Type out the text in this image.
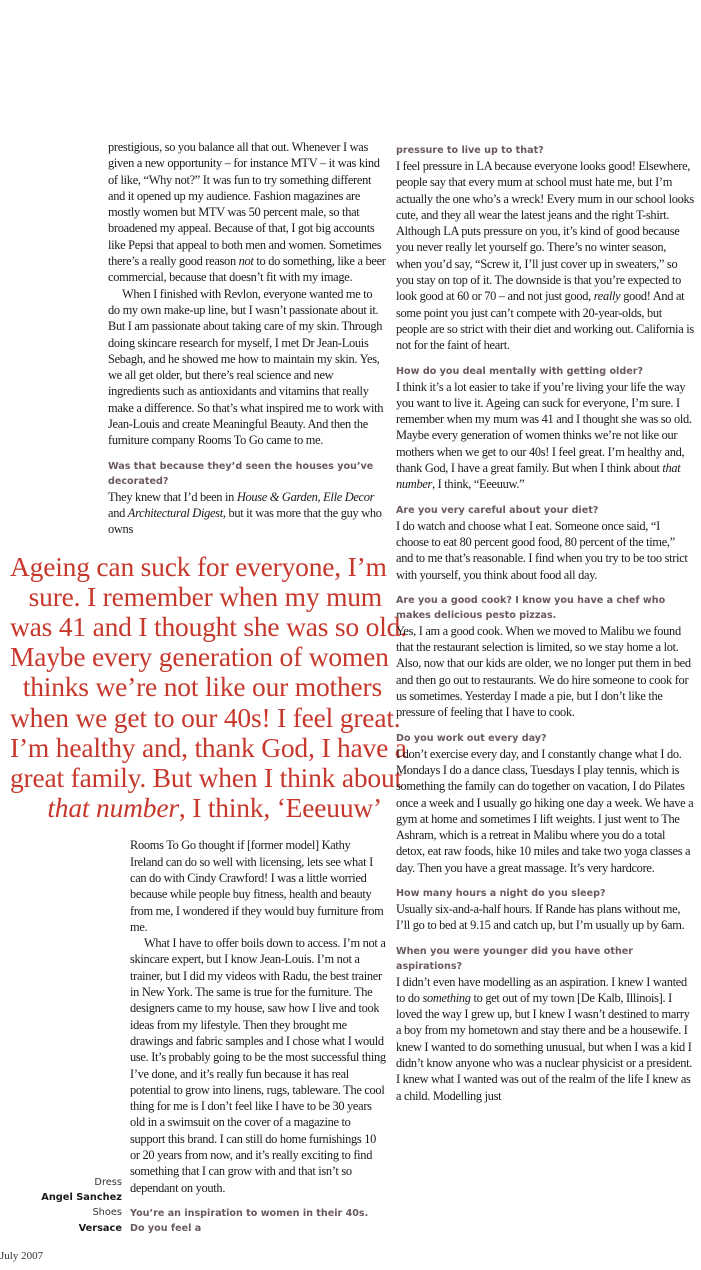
prestigious, so you balance all that out. Whenever I was given a new opportunity – for instance MTV – it was kind of like, “Why not?” It was fun to try something different and it opened up my audience. Fashion magazines are mostly women but MTV was 50 percent male, so that broadened my appeal. Because of that, I got big accounts like Pepsi that appeal to both men and women. Sometimes there’s a really good reason not to do something, like a beer commercial, because that doesn’t fit with my image.

When I finished with Revlon, everyone wanted me to do my own make-up line, but I wasn’t passionate about it. But I am passionate about taking care of my skin. Through doing skincare research for myself, I met Dr Jean-Louis Sebagh, and he showed me how to maintain my skin. Yes, we all get older, but there’s real science and new ingredients such as antioxidants and vitamins that really make a difference. So that’s what inspired me to work with Jean-Louis and create Meaningful Beauty. And then the furniture company Rooms To Go came to me.

Was that because they’d seen the houses you’ve decorated?

They knew that I’d been in House & Garden, Elle Decor and Architectural Digest, but it was more that the guy who owns

Ageing can suck for everyone, I’m
sure. I remember when my mum
was 41 and I thought she was so old.
Maybe every generation of women
thinks we’re not like our mothers
when we get to our 40s! I feel great.
I’m healthy and, thank God, I have a
great family. But when I think about
that number, I think, ‘Eeeuuw’
Dress
Angel Sanchez
Shoes
Versace

Rooms To Go thought if [former model] Kathy Ireland can do so well with licensing, lets see what I can do with Cindy Crawford! I was a little worried because while people buy fitness, health and beauty from me, I wondered if they would buy furniture from me.

What I have to offer boils down to access. I’m not a skincare expert, but I know Jean-Louis. I’m not a trainer, but I did my videos with Radu, the best trainer in New York. The same is true for the furniture. The designers came to my house, saw how I live and took ideas from my lifestyle. Then they brought me drawings and fabric samples and I chose what I would use. It’s probably going to be the most successful thing I’ve done, and it’s really fun because it has real potential to grow into linens, rugs, tableware. The cool thing for me is I don’t feel like I have to be 30 years old in a swimsuit on the cover of a magazine to support this brand. I can still do home furnishings 10 or 20 years from now, and it’s really exciting to find something that I can grow with and that isn’t so dependant on youth.

You’re an inspiration to women in their 40s. Do you feel a

July 2007

pressure to live up to that?

I feel pressure in LA because everyone looks good! Elsewhere, people say that every mum at school must hate me, but I’m actually the one who’s a wreck! Every mum in our school looks cute, and they all wear the latest jeans and the right T-shirt. Although LA puts pressure on you, it’s kind of good because you never really let yourself go. There’s no winter season, when you’d say, “Screw it, I’ll just cover up in sweaters,” so you stay on top of it. The downside is that you’re expected to look good at 60 or 70 – and not just good, really good! And at some point you just can’t compete with 20-year-olds, but people are so strict with their diet and working out. California is not for the faint of heart.

How do you deal mentally with getting older?

I think it’s a lot easier to take if you’re living your life the way you want to live it. Ageing can suck for everyone, I’m sure. I remember when my mum was 41 and I thought she was so old. Maybe every generation of women thinks we’re not like our mothers when we get to our 40s! I feel great. I’m healthy and, thank God, I have a great family. But when I think about that number, I think, “Eeeuuw.”

Are you very careful about your diet?

I do watch and choose what I eat. Someone once said, “I choose to eat 80 percent good food, 80 percent of the time,” and to me that’s reasonable. I find when you try to be too strict with yourself, you think about food all day.

Are you a good cook? I know you have a chef who makes delicious pesto pizzas.

Yes, I am a good cook. When we moved to Malibu we found that the restaurant selection is limited, so we stay home a lot. Also, now that our kids are older, we no longer put them in bed and then go out to restaurants. We do hire someone to cook for us sometimes. Yesterday I made a pie, but I don’t like the pressure of feeling that I have to cook.

Do you work out every day?

I don’t exercise every day, and I constantly change what I do. Mondays I do a dance class, Tuesdays I play tennis, which is something the family can do together on vacation, I do Pilates once a week and I usually go hiking one day a week. We have a gym at home and sometimes I lift weights. I just went to The Ashram, which is a retreat in Malibu where you do a total detox, eat raw foods, hike 10 miles and take two yoga classes a day. Then you have a great massage. It’s very hardcore.

How many hours a night do you sleep?

Usually six-and-a-half hours. If Rande has plans without me, I’ll go to bed at 9.15 and catch up, but I’m usually up by 6am.

When you were younger did you have other aspirations?

I didn’t even have modelling as an aspiration. I knew I wanted to do something to get out of my town [De Kalb, Illinois]. I loved the way I grew up, but I knew I wasn’t destined to marry a boy from my hometown and stay there and be a housewife. I knew I wanted to do something unusual, but when I was a kid I didn’t know anyone who was a nuclear physicist or a president. I knew what I wanted was out of the realm of the life I knew as a child. Modelling just
